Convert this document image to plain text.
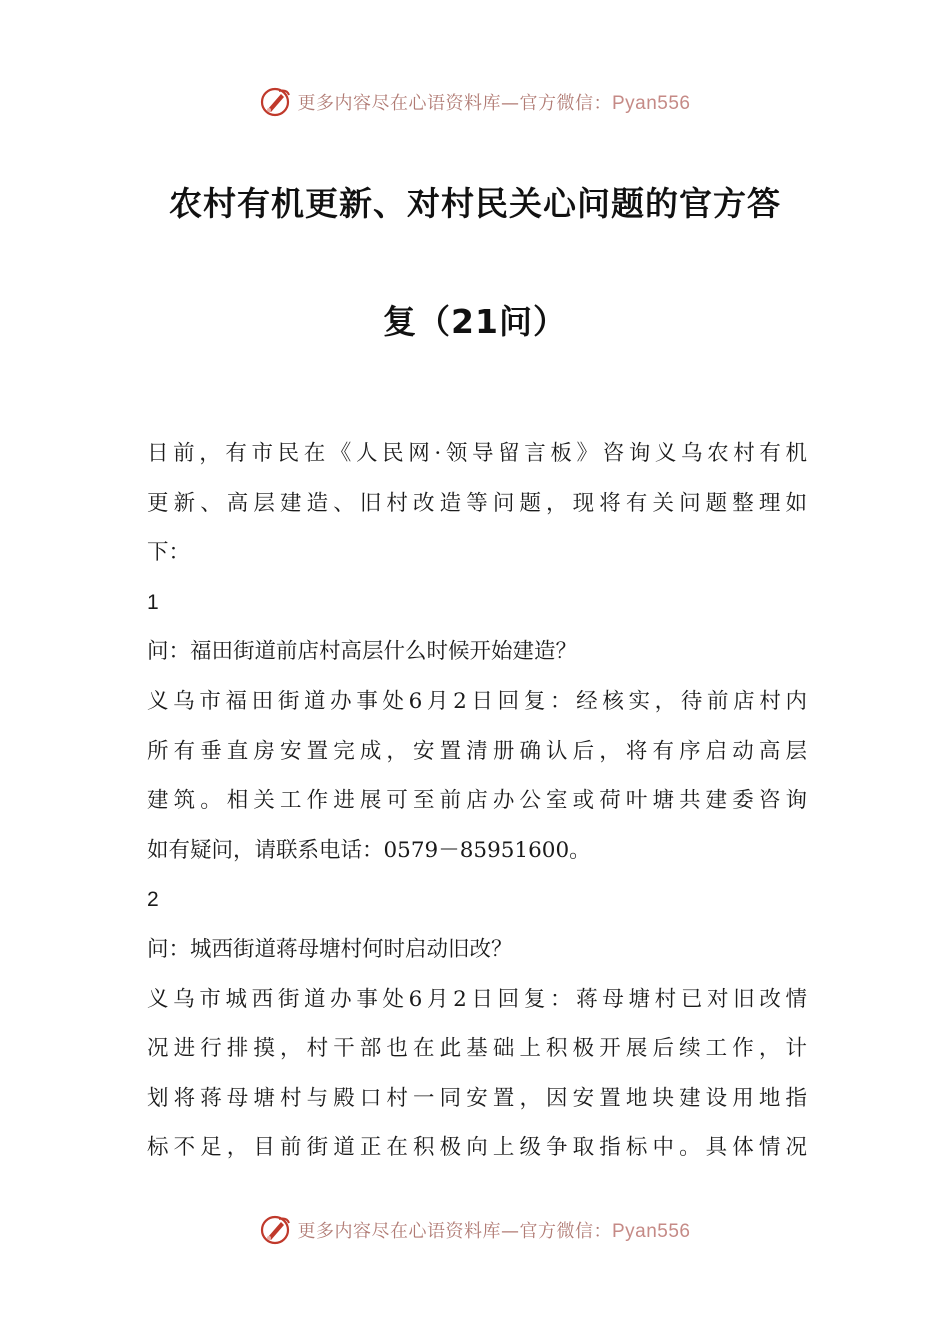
更多内容尽在心语资料库—官方微信：Pyan556
农村有机更新、对村民关心问题的官方答
复（21问）
日前，有市民在《人民网·领导留言板》咨询义乌农村有机
更新、高层建造、旧村改造等问题，现将有关问题整理如
下：
1
问：福田街道前店村高层什么时候开始建造？
义乌市福田街道办事处6月2日回复：经核实，待前店村内
所有垂直房安置完成，安置清册确认后，将有序启动高层
建筑。相关工作进展可至前店办公室或荷叶塘共建委咨询
如有疑问，请联系电话：0579－85951600。
2
问：城西街道蒋母塘村何时启动旧改？
义乌市城西街道办事处6月2日回复：蒋母塘村已对旧改情
况进行排摸，村干部也在此基础上积极开展后续工作，计
划将蒋母塘村与殿口村一同安置，因安置地块建设用地指
标不足，目前街道正在积极向上级争取指标中。具体情况
更多内容尽在心语资料库—官方微信：Pyan556
